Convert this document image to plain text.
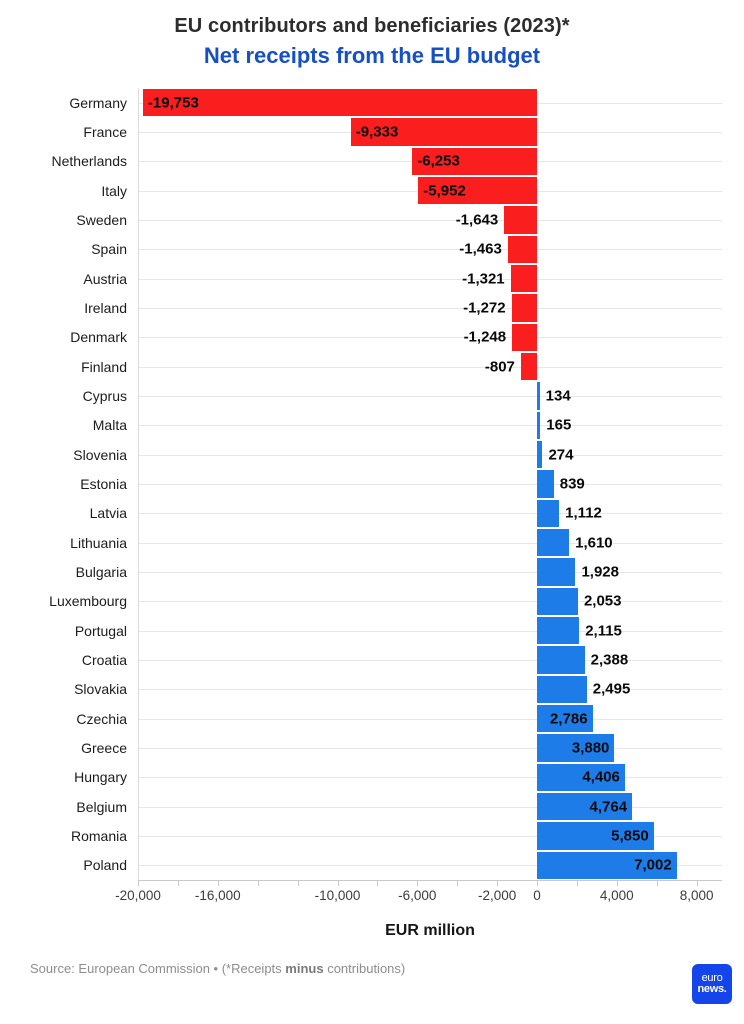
EU contributors and beneficiaries (2023)*
Net receipts from the EU budget
Germany -19,753
France	-9,333
Netherlands	-6,253
Italy	-5,952
Sweden	-1,643
Spain	-1,463
Austria	-1,321
Ireland	-1,272
Denmark	-1,248
Finland	-807
Cyprus	134
Malta	165
Slovenia	274
Estonia	839
Latvia	1,112
Lithuania	1,610
Bulgaria	1,928
Luxembourg	2,053
Portugal	2,115
Croatia	2,388
Slovakia	2,495
Czechia	2,786
Greece	3,880
Hungary	4,406
Belgium	4,764
Romania	5,850
Poland	7,002
-20,000	-16,000	-10,000	-6,000	-2,000 0	4,000	8,000
EUR million
Source: European Commission • (*Receipts minus contributions)
euro
news.
